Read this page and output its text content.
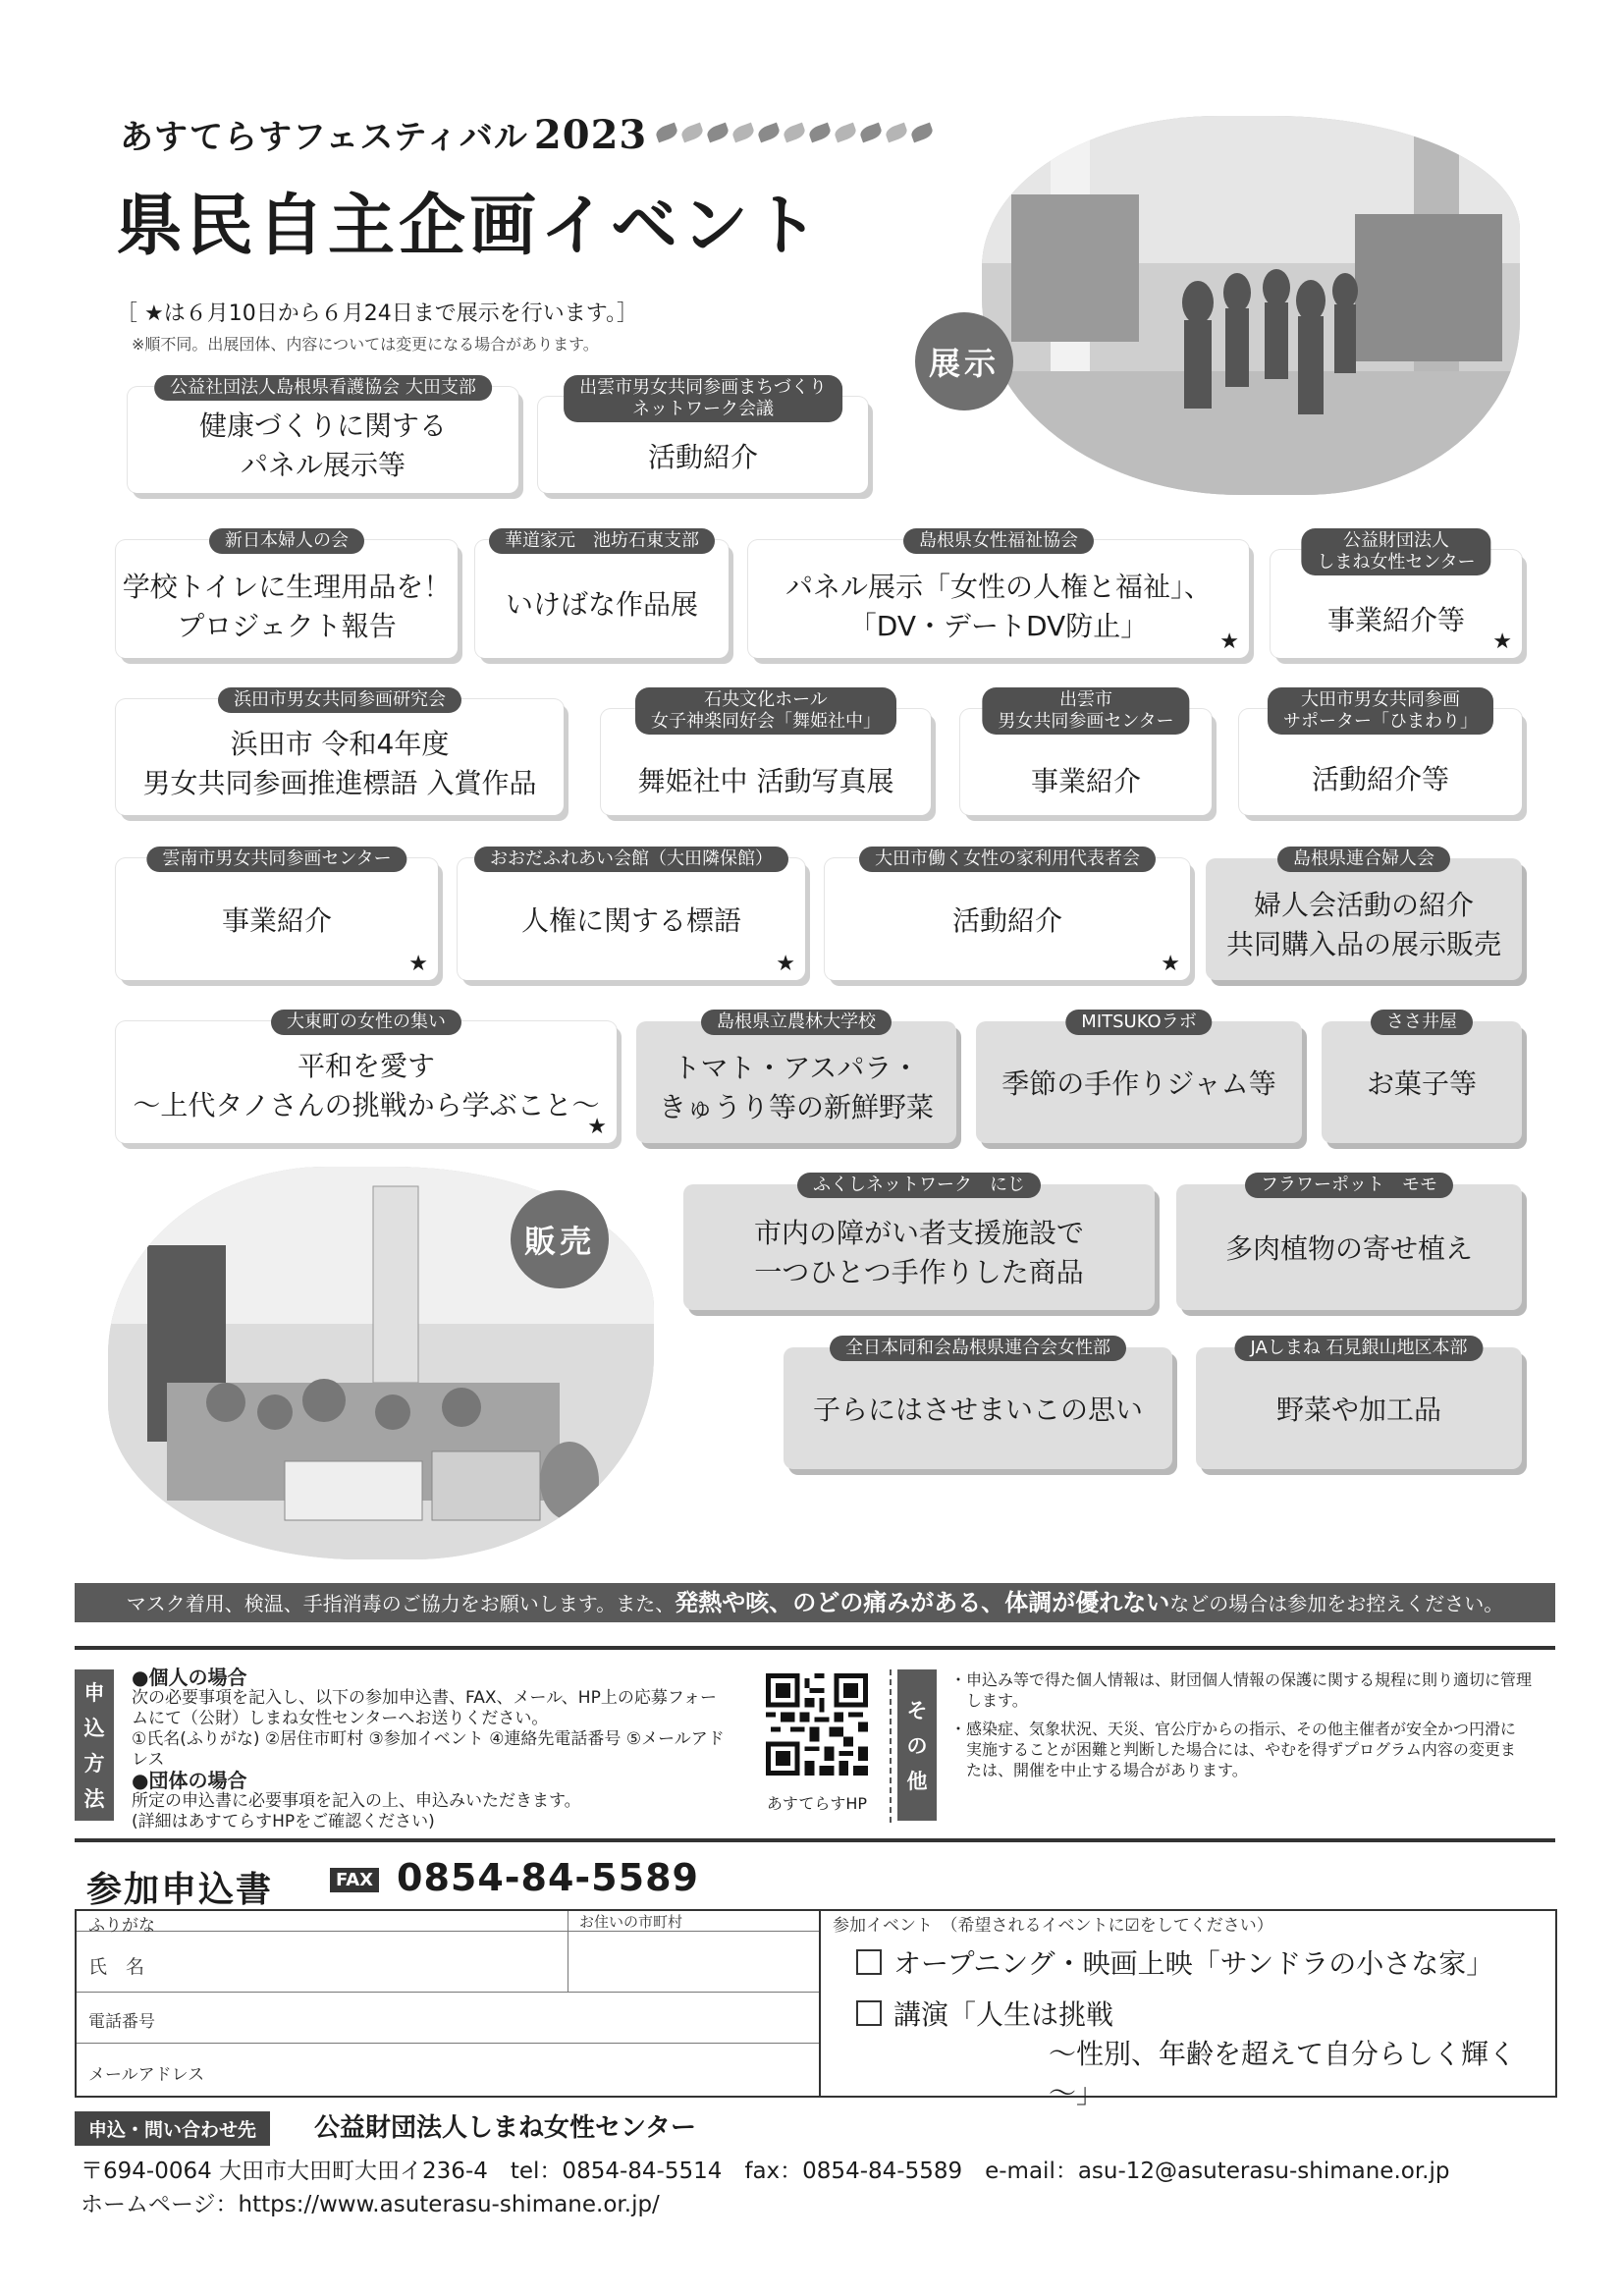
あすてらすフェスティバル 2023
県民自主企画イベント
［ ★は６月10日から６月24日まで展示を行います。］
※順不同。出展団体、内容については変更になる場合があります。
展示
販売
公益社団法人島根県看護協会 大田支部
健康づくりに関する
パネル展示等
出雲市男女共同参画まちづくり
ネットワーク会議
活動紹介
新日本婦人の会
学校トイレに生理用品を！
プロジェクト報告
華道家元　池坊石東支部
いけばな作品展
島根県女性福祉協会
パネル展示「女性の人権と福祉」、
「DV・デートDV防止」	★
公益財団法人
しまね女性センター
事業紹介等
★
浜田市男女共同参画研究会
浜田市 令和4年度
男女共同参画推進標語 入賞作品
石央文化ホール
女子神楽同好会「舞姫社中」
舞姫社中 活動写真展
出雲市
男女共同参画センター
事業紹介
大田市男女共同参画
サポーター「ひまわり」
活動紹介等
雲南市男女共同参画センター
事業紹介
★
おおだふれあい会館（大田隣保館）
人権に関する標語
★
大田市働く女性の家利用代表者会
活動紹介
★
島根県連合婦人会
婦人会活動の紹介
共同購入品の展示販売
大東町の女性の集い
平和を愛す
～上代タノさんの挑戦から学ぶこと～
★
島根県立農林大学校
トマト・アスパラ・
きゅうり等の新鮮野菜
MITSUKOラボ
季節の手作りジャム等
ささ井屋
お菓子等
ふくしネットワーク　にじ
市内の障がい者支援施設で
一つひとつ手作りした商品
フラワーポット　モモ
多肉植物の寄せ植え
全日本同和会島根県連合会女性部
子らにはさせまいこの思い
JAしまね 石見銀山地区本部
野菜や加工品
マスク着用、検温、手指消毒のご協力をお願いします。また、発熱や咳、のどの痛みがある、体調が優れないなどの場合は参加をお控えください。
申
込
方
法
●個人の場合
次の必要事項を記入し、以下の参加申込書、FAX、メール、HP上の応募フォー
ムにて（公財）しまね女性センターへお送りください。
①氏名(ふりがな) ②居住市町村 ③参加イベント ④連絡先電話番号 ⑤メールアドレス
●団体の場合
所定の申込書に必要事項を記入の上、申込みいただきます。
(詳細はあすてらすHPをご確認ください)
あすてらすHP
そ
の
他
・申込み等で得た個人情報は、財団個人情報の保護に関する規程に則り適切に管理
　します。
・感染症、気象状況、天災、官公庁からの指示、その他主催者が安全かつ円滑に
　実施することが困難と判断した場合には、やむを得ずプログラム内容の変更ま
　たは、開催を中止する場合があります。
参加申込書	FAX 0854-84-5589
ふりがな	お住いの市町村
氏　名
電話番号
メールアドレス
参加イベント　（希望されるイベントに☑をしてください）
オープニング・映画上映「サンドラの小さな家」
講演「人生は挑戦
～性別、年齢を超えて自分らしく輝く～」
申込・問い合わせ先	公益財団法人しまね女性センター
〒694-0064 大田市大田町大田イ236-4　tel：0854-84-5514　fax：0854-84-5589　e-mail：asu-12@asuterasu-shimane.or.jp
ホームページ：https://www.asuterasu-shimane.or.jp/
